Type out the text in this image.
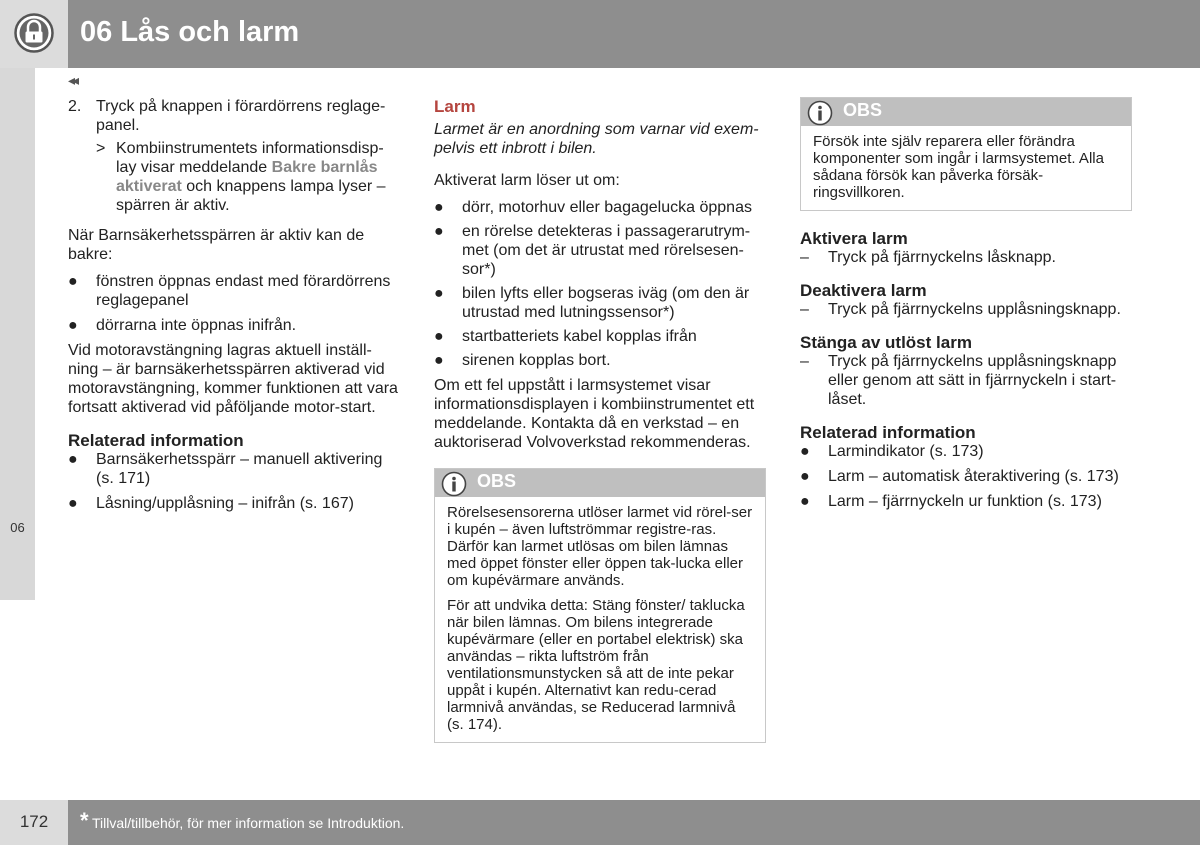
06 Lås och larm
◂◂
06
2. Tryck på knappen i förardörrens reglage-panel.
> Kombiinstrumentets informationsdisp-lay visar meddelande Bakre barnlås aktiverat och knappens lampa lyser – spärren är aktiv.

När Barnsäkerhetsspärren är aktiv kan de bakre:

● fönstren öppnas endast med förardörrens reglagepanel
● dörrarna inte öppnas inifrån.

Vid motoravstängning lagras aktuell inställ-ning – är barnsäkerhetsspärren aktiverad vid motoravstängning, kommer funktionen att vara fortsatt aktiverad vid påföljande motor-start.

Relaterad information

● Barnsäkerhetsspärr – manuell aktivering (s. 171)
● Låsning/upplåsning – inifrån (s. 167)

Larm

Larmet är en anordning som varnar vid exem-pelvis ett inbrott i bilen.

Aktiverat larm löser ut om:

● dörr, motorhuv eller bagagelucka öppnas
● en rörelse detekteras i passagerarutrym-met (om det är utrustat med rörelsesen-sor*)
● bilen lyfts eller bogseras iväg (om den är utrustad med lutningssensor*)
● startbatteriets kabel kopplas ifrån
● sirenen kopplas bort.

Om ett fel uppstått i larmsystemet visar informationsdisplayen i kombiinstrumentet ett meddelande. Kontakta då en verkstad – en auktoriserad Volvoverkstad rekommenderas.

OBS

Rörelsesensorerna utlöser larmet vid rörel-ser i kupén – även luftströmmar registre-ras. Därför kan larmet utlösas om bilen lämnas med öppet fönster eller öppen tak-lucka eller om kupévärmare används.

För att undvika detta: Stäng fönster/ taklucka när bilen lämnas. Om bilens integrerade kupévärmare (eller en portabel elektrisk) ska användas – rikta luftström från ventilationsmunstycken så att de inte pekar uppåt i kupén. Alternativt kan redu-cerad larmnivå användas, se Reducerad larmnivå (s. 174).

OBS

Försök inte själv reparera eller förändra komponenter som ingår i larmsystemet. Alla sådana försök kan påverka försäk-ringsvillkoren.

Aktivera larm

– Tryck på fjärrnyckelns låsknapp.

Deaktivera larm

– Tryck på fjärrnyckelns upplåsningsknapp.

Stänga av utlöst larm

– Tryck på fjärrnyckelns upplåsningsknapp eller genom att sätt in fjärrnyckeln i start-låset.

Relaterad information

● Larmindikator (s. 173)
● Larm – automatisk återaktivering (s. 173)
● Larm – fjärrnyckeln ur funktion (s. 173)
172	* Tillval/tillbehör, för mer information se Introduktion.
